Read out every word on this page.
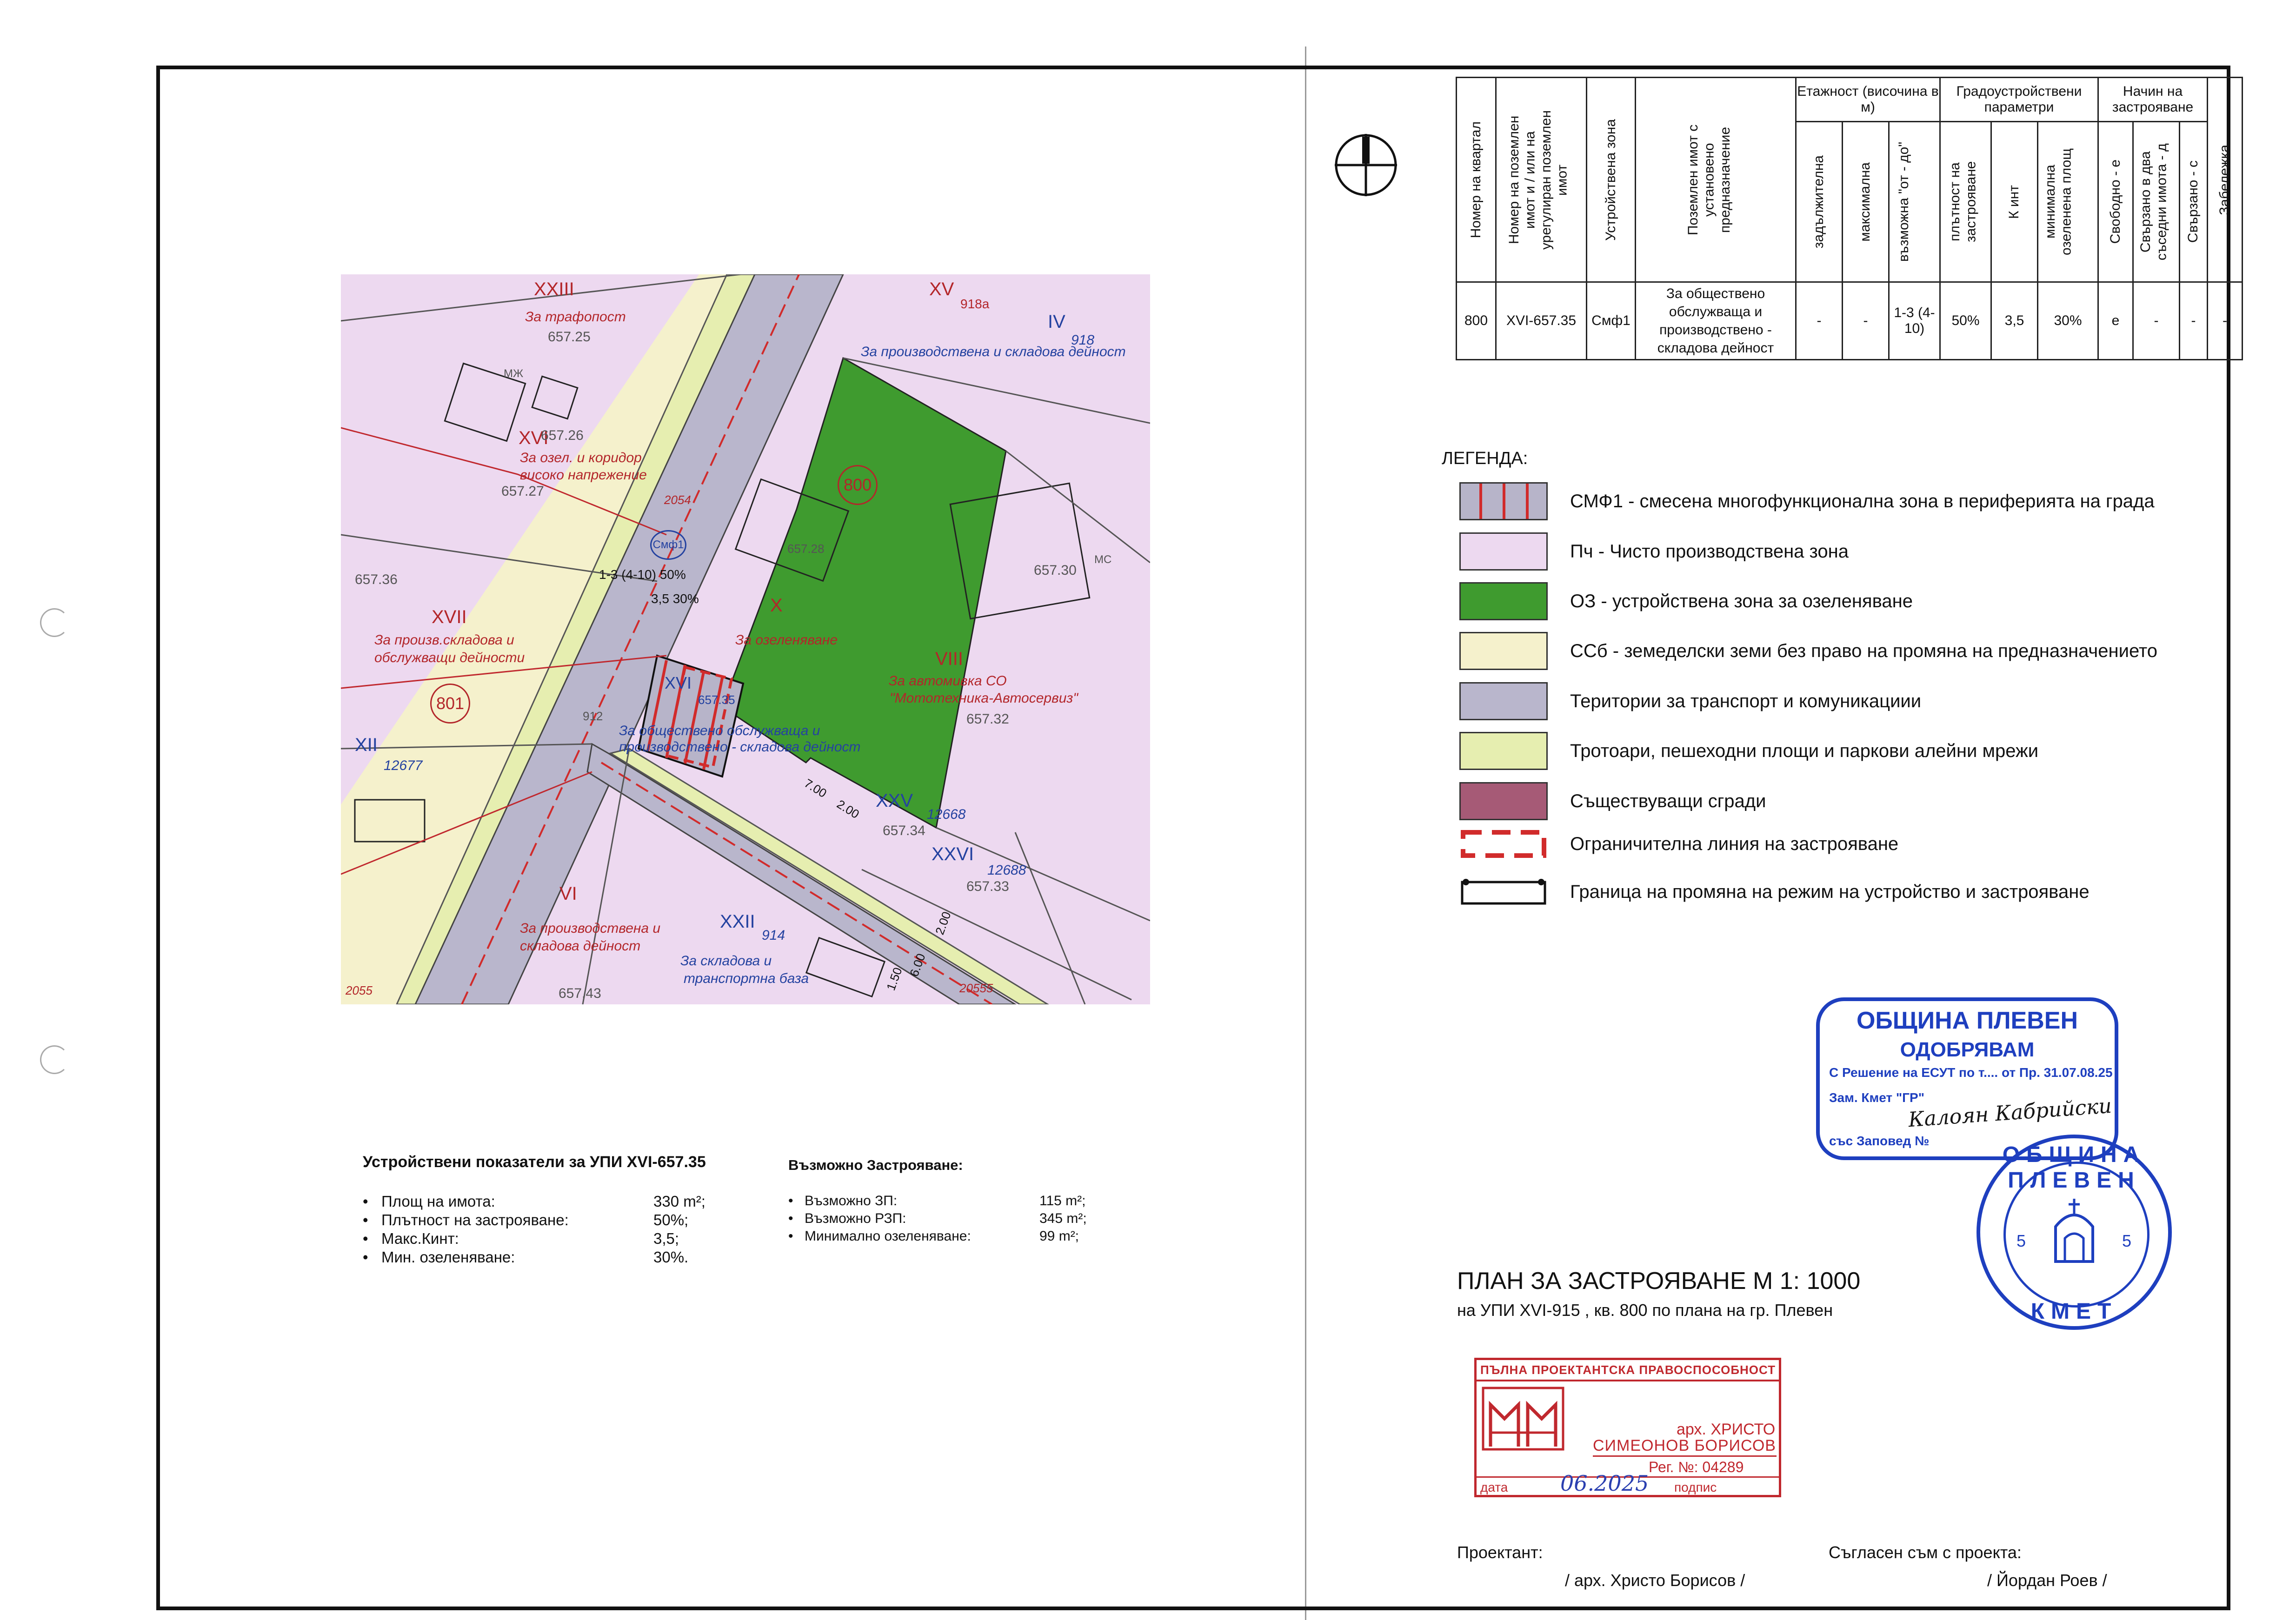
XXIII
За трафопост
657.25
XV
918а
IV
918
За производствена и складова дейност
XVI
За озел. и коридор
високо напрежение
657.26
657.27	800
Смф1
657.36
XVII
За произв.складова и
обслужващи дейности
801
XII
12677
X
За озеленяване
657.28
657.30
VIII
За автомивка СО
"Мототехника-Автосервиз"
657.32
XVI
657.35
За обществено обслужваща и
производствено - складова дейност
1-3 (4-10) 50%
3,5 30%
XXV
12668
657.34
XXVI
12688
657.33
VI
За производствена и
складова дейност
XXII
914
За складова и
транспортна база
657.43
2055
2054
20555
912
7.00
2.00
2.00
1.50
6.00
МЖ
МС
Номер на квартал	Номер на поземлен имот и / или на урегулиран поземлен имот	Устройствена зона	Поземлен имот с установено предназначение	Етажност (височина в м)			Градоустройствени параметри			Начин на застрояване			Забележка

				задължителна	максимална	възможна "от - до"	плътност на застрояване	К инт	минимална озеленена площ	Свободно - е	Свързано в два съседни имота - д	Свързано - с	

800	XVI-657.35	Смф1	За обществено обслужваща и производствено - складова дейност	-	-	1-3 (4-10)	50%	3,5	30%	е	-	-	-
ЛЕГЕНДА:
СМФ1 - смесена многофункционална зона в периферията на града
Пч - Чисто производствена зона
ОЗ - устройствена зона за озеленяване
ССб - земеделски земи без право на промяна на предназначението
Територии за транспорт и комуникациии
Тротоари, пешеходни площи и паркови алейни мрежи
Съществуващи сгради
Ограничителна линия на застрояване
Граница на промяна на режим на устройство и застрояване
Устройствени показатели за УПИ XVI-657.35
• Площ на имота:	330 m²;
• Плътност на застрояване:	50%;
• Макс.Кинт:	3,5;
• Мин. озеленяване:	30%.
Възможно Застрояване:
• Възможно ЗП:	115 m²;
• Възможно РЗП:	345 m²;
• Минимално озеленяване:	99 m²;
ОБЩИНА ПЛЕВЕН
ОДОБРЯВАМ
С Решение на ЕСУТ по т.... от Пр. 31.07.08.25
Зам. Кмет "ГР"
Калоян Кабрийски
със Заповед №
ОБЩИНА ПЛЕВЕН
КМЕТ
5	5
ПЛАН ЗА ЗАСТРОЯВАНЕ М 1: 1000
на УПИ XVI-915 , кв. 800 по плана на гр. Плевен
ПЪЛНА ПРОЕКТАНТСКА ПРАВОСПОСОБНОСТ
арх. ХРИСТО
СИМЕОНОВ БОРИСОВ
Рег. №: 04289
дата 06.2025 подпис
Проектант:
/ арх. Христо Борисов /
Съгласен съм с проекта:
/ Йордан Роев /
